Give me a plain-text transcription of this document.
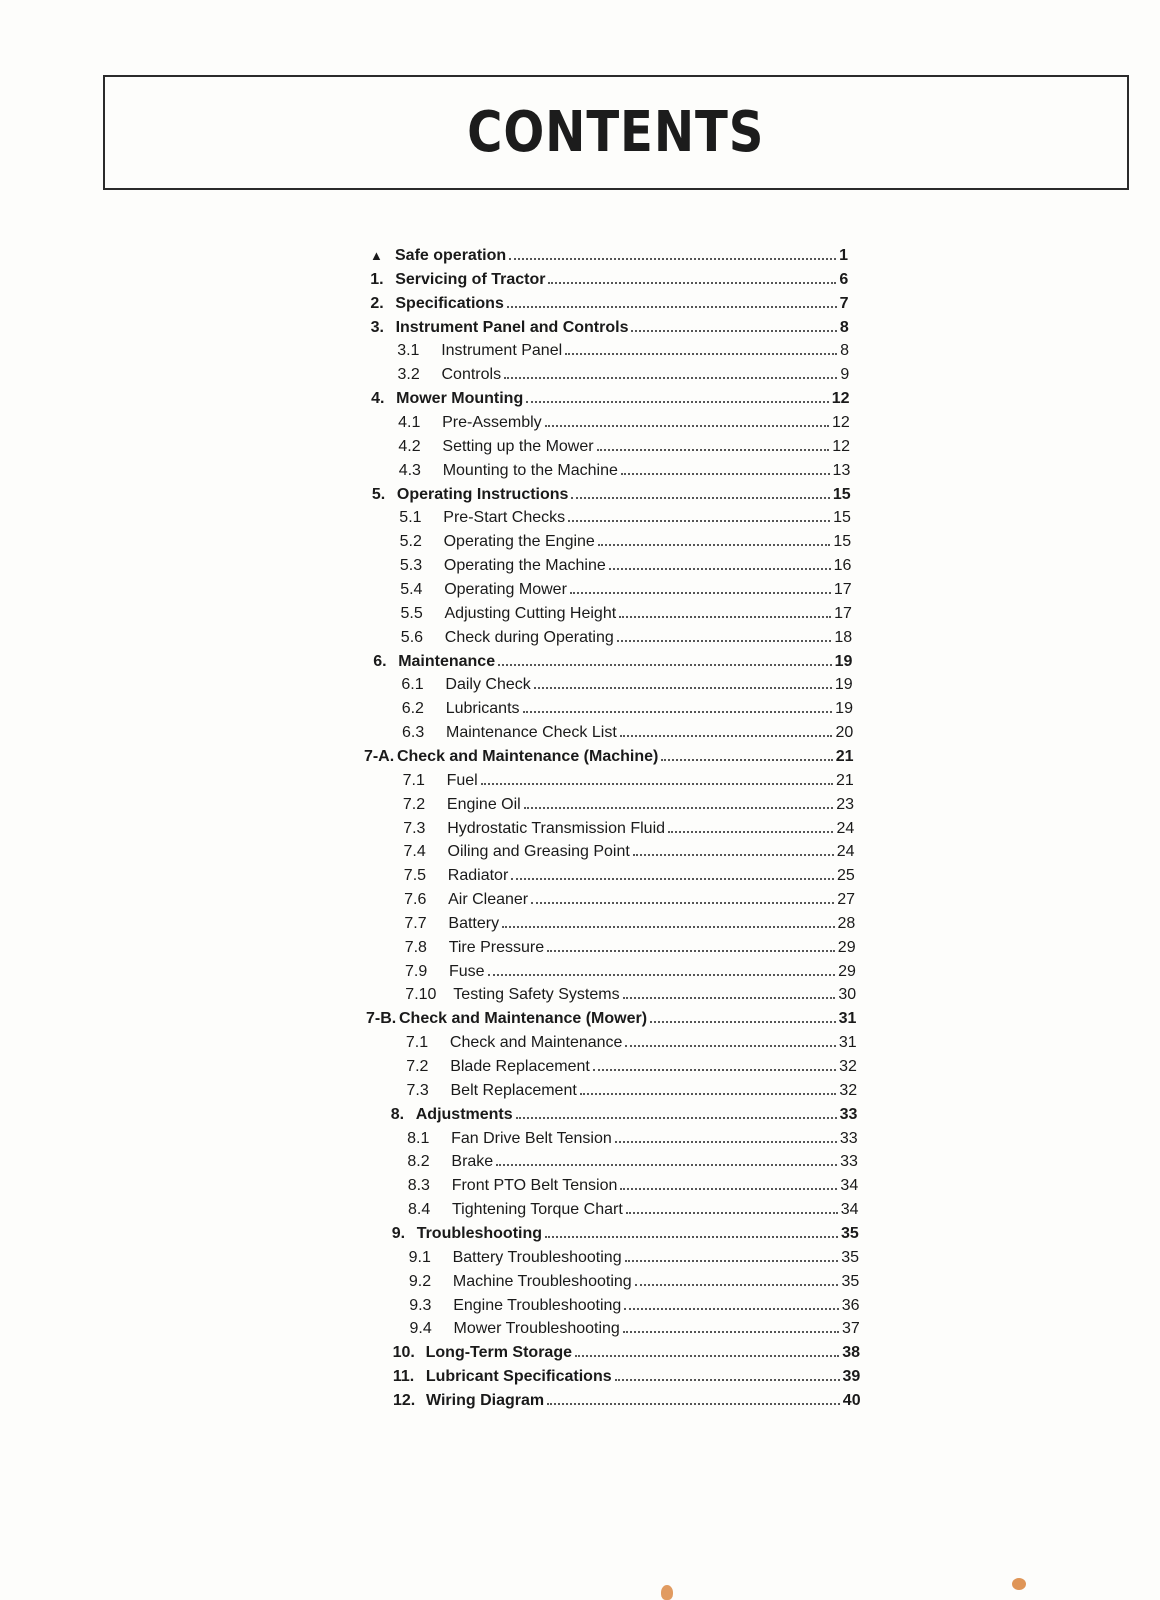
CONTENTS
▲ Safe operation	1
1. Servicing of Tractor	6
2. Specifications	7
3. Instrument Panel and Controls	8
3.1	Instrument Panel	8
3.2	Controls	9
4. Mower Mounting	12
4.1	Pre-Assembly	12
4.2	Setting up the Mower	12
4.3	Mounting to the Machine	13
5. Operating Instructions	15
5.1	Pre-Start Checks	15
5.2	Operating the Engine	15
5.3	Operating the Machine	16
5.4	Operating Mower	17
5.5	Adjusting Cutting Height	17
5.6	Check during Operating	18
6. Maintenance	19
6.1	Daily Check	19
6.2	Lubricants	19
6.3	Maintenance Check List	20
7-A. Check and Maintenance (Machine)	21
7.1	Fuel	21
7.2	Engine Oil	23
7.3	Hydrostatic Transmission Fluid	24
7.4	Oiling and Greasing Point	24
7.5	Radiator	25
7.6	Air Cleaner	27
7.7	Battery	28
7.8	Tire Pressure	29
7.9	Fuse	29
7.10	Testing Safety Systems	30
7-B. Check and Maintenance (Mower)	31
7.1	Check and Maintenance	31
7.2	Blade Replacement	32
7.3	Belt Replacement	32
8. Adjustments	33
8.1	Fan Drive Belt Tension	33
8.2	Brake	33
8.3	Front PTO Belt Tension	34
8.4	Tightening Torque Chart	34
9. Troubleshooting	35
9.1	Battery Troubleshooting	35
9.2	Machine Troubleshooting	35
9.3	Engine Troubleshooting	36
9.4	Mower Troubleshooting	37
10. Long-Term Storage	38
11. Lubricant Specifications	39
12. Wiring Diagram	40
